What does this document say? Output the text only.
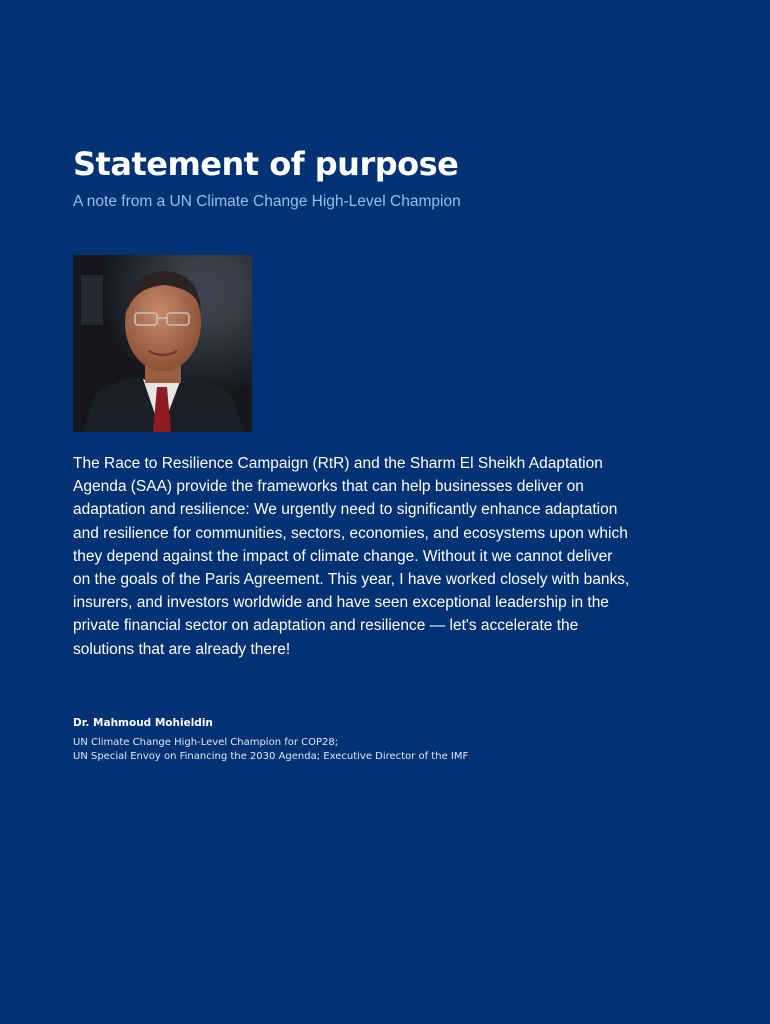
Statement of purpose

A note from a UN Climate Change High-Level Champion

The Race to Resilience Campaign (RtR) and the Sharm El Sheikh Adaptation Agenda (SAA) provide the frameworks that can help businesses deliver on adaptation and resilience: We urgently need to significantly enhance adaptation and resilience for communities, sectors, economies, and ecosystems upon which they depend against the impact of climate change. Without it we cannot deliver on the goals of the Paris Agreement. This year, I have worked closely with banks, insurers, and investors worldwide and have seen exceptional leadership in the private financial sector on adaptation and resilience — let's accelerate the solutions that are already there!

Dr. Mahmoud Mohieldin

UN Climate Change High-Level Champion for COP28;

UN Special Envoy on Financing the 2030 Agenda; Executive Director of the IMF
